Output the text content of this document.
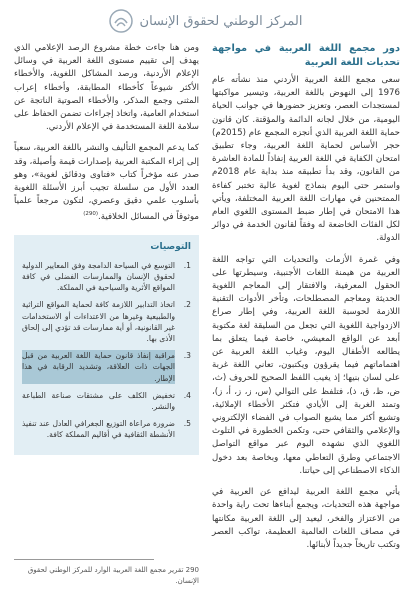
المركز الوطني لحقوق الإنسان
دور مجمع اللغة العربية في مواجهة تحديات اللغة العربية

سعى مجمع اللغة العربية الأردني منذ نشأته عام 1976 إلى النهوض باللغة العربية، وتيسير مواكبتها لمستجدات العصر، وتعزيز حضورها في جوانب الحياة اليومية، من خلال لجانه الدائمة والمؤقتة. كان قانون حماية اللغة العربية الذي أنجزه المجمع عام (2015م) حجر الأساس لحماية اللغة العربية، وجاء تطبيق امتحان الكفاية في اللغة العربية إنفاذاً للمادة العاشرة من القانون، وقد بدأ تطبيقه منذ بداية عام 2018م واستمر حتى اليوم بنماذج لغوية عالية تختبر كفاءة الممتحنين في مهارات اللغة العربية المختلفة، ويأتي هذا الامتحان في إطار ضبط المستوى اللغوي العام لكل الفئات الخاضعة له وفقاً لقانون الخدمة في دوائر الدولة.

وفي غمرة الأزمات والتحديات التي تواجه اللغة العربية من هيمنة اللغات الأجنبية، وسيطرتها على الحقول المعرفية، والافتقار إلى المعاجم اللغوية الحديثة ومعاجم المصطلحات، وتأخر الأدوات التقنية اللازمة لحوسبة اللغة العربية، وفي إطار صراع الازدواجية اللغوية التي تجعل من السليقة لغة مكتوبة أبعد عن الواقع المعيشي، خاصة فيما يتعلق بما يطالعه الأطفال اليوم، وغياب اللغة العربية عن اهتماماتهم فيما يقرؤون ويكتبون، تعاني اللغة غربة على لسان بنيها؛ إذ يغيب اللفظ الصحيح للحروف (ث، ض، ظ، ق، ذ)، فتلفظ على التوالي (س، ز، ز، أ، ز)، وتمتد الغربة إلى الأيادي فتكثر الأخطاء الإملائية، وتشيع أكثر مما يشيع الصواب في الفضاء الإلكتروني والإعلامي والثقافي حتى، وتكمن الخطورة في التلوث اللغوي الذي نشهده اليوم عبر مواقع التواصل الاجتماعي وطرق التعاطي معها، وبخاصة بعد دخول الذكاء الاصطناعي إلى حياتنا.

يأتي مجمع اللغة العربية ليدافع عن العربية في مواجهة هذه التحديات، ويجمع أبناءها تحت راية واحدة من الاعتزاز والفخر، ليعيد إلى اللغة العربية مكانتها في مصاف اللغات العالمية العظيمة، تواكب العصر وتكتب تاريخاً جديداً لأبنائها.

ومن هنا جاءت خطة مشروع الرصد الإعلامي الذي يهدف إلى تقييم مستوى اللغة العربية في وسائل الإعلام الأردنية، ورصد المشاكل اللغوية، والأخطاء الأكثر شيوعاً كأخطاء المطابقة، وأخطاء إعراب المثنى وجمع المذكر، والأخطاء الصوتية الناتجة عن استخدام العامية، واتخاذ إجراءات تضمن الحفاظ على سلامة اللغة المستخدمة في الإعلام الأردني.

كما يدعم المجمع التأليف والنشر باللغة العربية، سعياً إلى إثراء المكتبة العربية بإصدارات قيمة وأصيلة، وقد صدر عنه مؤخراً كتاب «فتاوى ودقائق لغوية»، وهو العدد الأول من سلسلة تجيب أبرز الأسئلة اللغوية بأسلوب علمي دقيق وعصري، لتكون مرجعاً علمياً موثوقاً في المسائل الخلافية.$^{(290)}$

التوصيات
1.
التوسع في السياحة الدامجة وفق المعايير الدولية لحقوق الإنسان والممارسات الفضلى في كافة المواقع الأثرية والسياحية في المملكة.
2.
اتخاذ التدابير اللازمة كافة لحماية المواقع التراثية والطبيعية وغيرها من الاعتداءات أو الاستخدامات غير القانونية، أو أية ممارسات قد تؤدي إلى إلحاق الأذى بها.
3.
مراقبة إنفاذ قانون حماية اللغة العربية من قبل الجهات ذات العلاقة، وتشديد الرقابة في هذا الإطار.
4.
تخفيض الكلف على مشتقات صناعة الطباعة والنشر.
5.
ضرورة مراعاة التوزيع الجغرافي العادل عند تنفيذ الأنشطة الثقافية في أقاليم المملكة كافة.
290 تقرير مجمع اللغة العربية الوارد للمركز الوطني لحقوق الإنسان.
